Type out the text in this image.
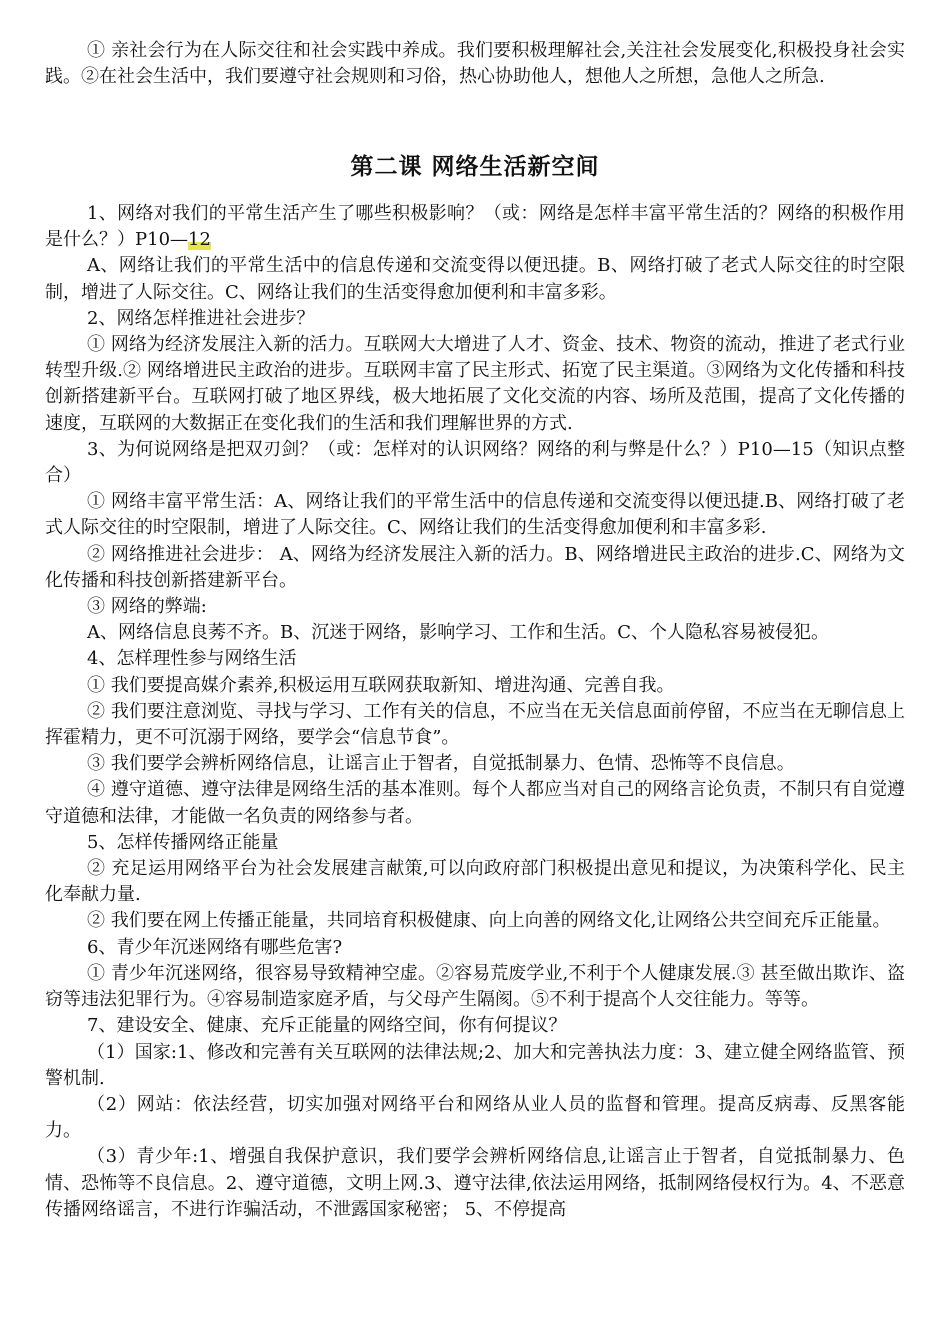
① 亲社会行为在人际交往和社会实践中养成。我们要积极理解社会,关注社会发展变化,积极投身社会实践。②在社会生活中，我们要遵守社会规则和习俗，热心协助他人，想他人之所想，急他人之所急.

第二课 网络生活新空间

1、网络对我们的平常生活产生了哪些积极影响？（或：网络是怎样丰富平常生活的？网络的积极作用是什么？）P10—12

A、网络让我们的平常生活中的信息传递和交流变得以便迅捷。B、网络打破了老式人际交往的时空限制，增进了人际交往。C、网络让我们的生活变得愈加便利和丰富多彩。

2、网络怎样推进社会进步？

① 网络为经济发展注入新的活力。互联网大大增进了人才、资金、技术、物资的流动，推进了老式行业转型升级.② 网络增进民主政治的进步。互联网丰富了民主形式、拓宽了民主渠道。③网络为文化传播和科技创新搭建新平台。互联网打破了地区界线，极大地拓展了文化交流的内容、场所及范围，提高了文化传播的速度，互联网的大数据正在变化我们的生活和我们理解世界的方式.

3、为何说网络是把双刃剑？（或：怎样对的认识网络？网络的利与弊是什么？）P10—15（知识点整合）

① 网络丰富平常生活：A、网络让我们的平常生活中的信息传递和交流变得以便迅捷.B、网络打破了老式人际交往的时空限制，增进了人际交往。C、网络让我们的生活变得愈加便利和丰富多彩.

② 网络推进社会进步： A、网络为经济发展注入新的活力。B、网络增进民主政治的进步.C、网络为文化传播和科技创新搭建新平台。

③ 网络的弊端:

A、网络信息良莠不齐。B、沉迷于网络，影响学习、工作和生活。C、个人隐私容易被侵犯。

4、怎样理性参与网络生活

① 我们要提高媒介素养,积极运用互联网获取新知、增进沟通、完善自我。

② 我们要注意浏览、寻找与学习、工作有关的信息，不应当在无关信息面前停留，不应当在无聊信息上挥霍精力，更不可沉溺于网络，要学会“信息节食”。

③ 我们要学会辨析网络信息，让谣言止于智者，自觉抵制暴力、色情、恐怖等不良信息。

④ 遵守道德、遵守法律是网络生活的基本准则。每个人都应当对自己的网络言论负责，不制只有自觉遵守道德和法律，才能做一名负责的网络参与者。

5、怎样传播网络正能量

② 充足运用网络平台为社会发展建言献策,可以向政府部门积极提出意见和提议，为决策科学化、民主化奉献力量.

② 我们要在网上传播正能量，共同培育积极健康、向上向善的网络文化,让网络公共空间充斥正能量。

6、青少年沉迷网络有哪些危害?

① 青少年沉迷网络，很容易导致精神空虚。②容易荒废学业,不利于个人健康发展.③ 甚至做出欺诈、盗窃等违法犯罪行为。④容易制造家庭矛盾，与父母产生隔阂。⑤不利于提高个人交往能力。等等。

7、建设安全、健康、充斥正能量的网络空间，你有何提议？

（1）国家:1、修改和完善有关互联网的法律法规;2、加大和完善执法力度：3、建立健全网络监管、预警机制.

（2）网站：依法经营，切实加强对网络平台和网络从业人员的监督和管理。提高反病毒、反黑客能力。

（3）青少年:1、增强自我保护意识，我们要学会辨析网络信息,让谣言止于智者，自觉抵制暴力、色情、恐怖等不良信息。2、遵守道德，文明上网.3、遵守法律,依法运用网络，抵制网络侵权行为。4、不恶意传播网络谣言，不进行诈骗活动，不泄露国家秘密； 5、不停提高
